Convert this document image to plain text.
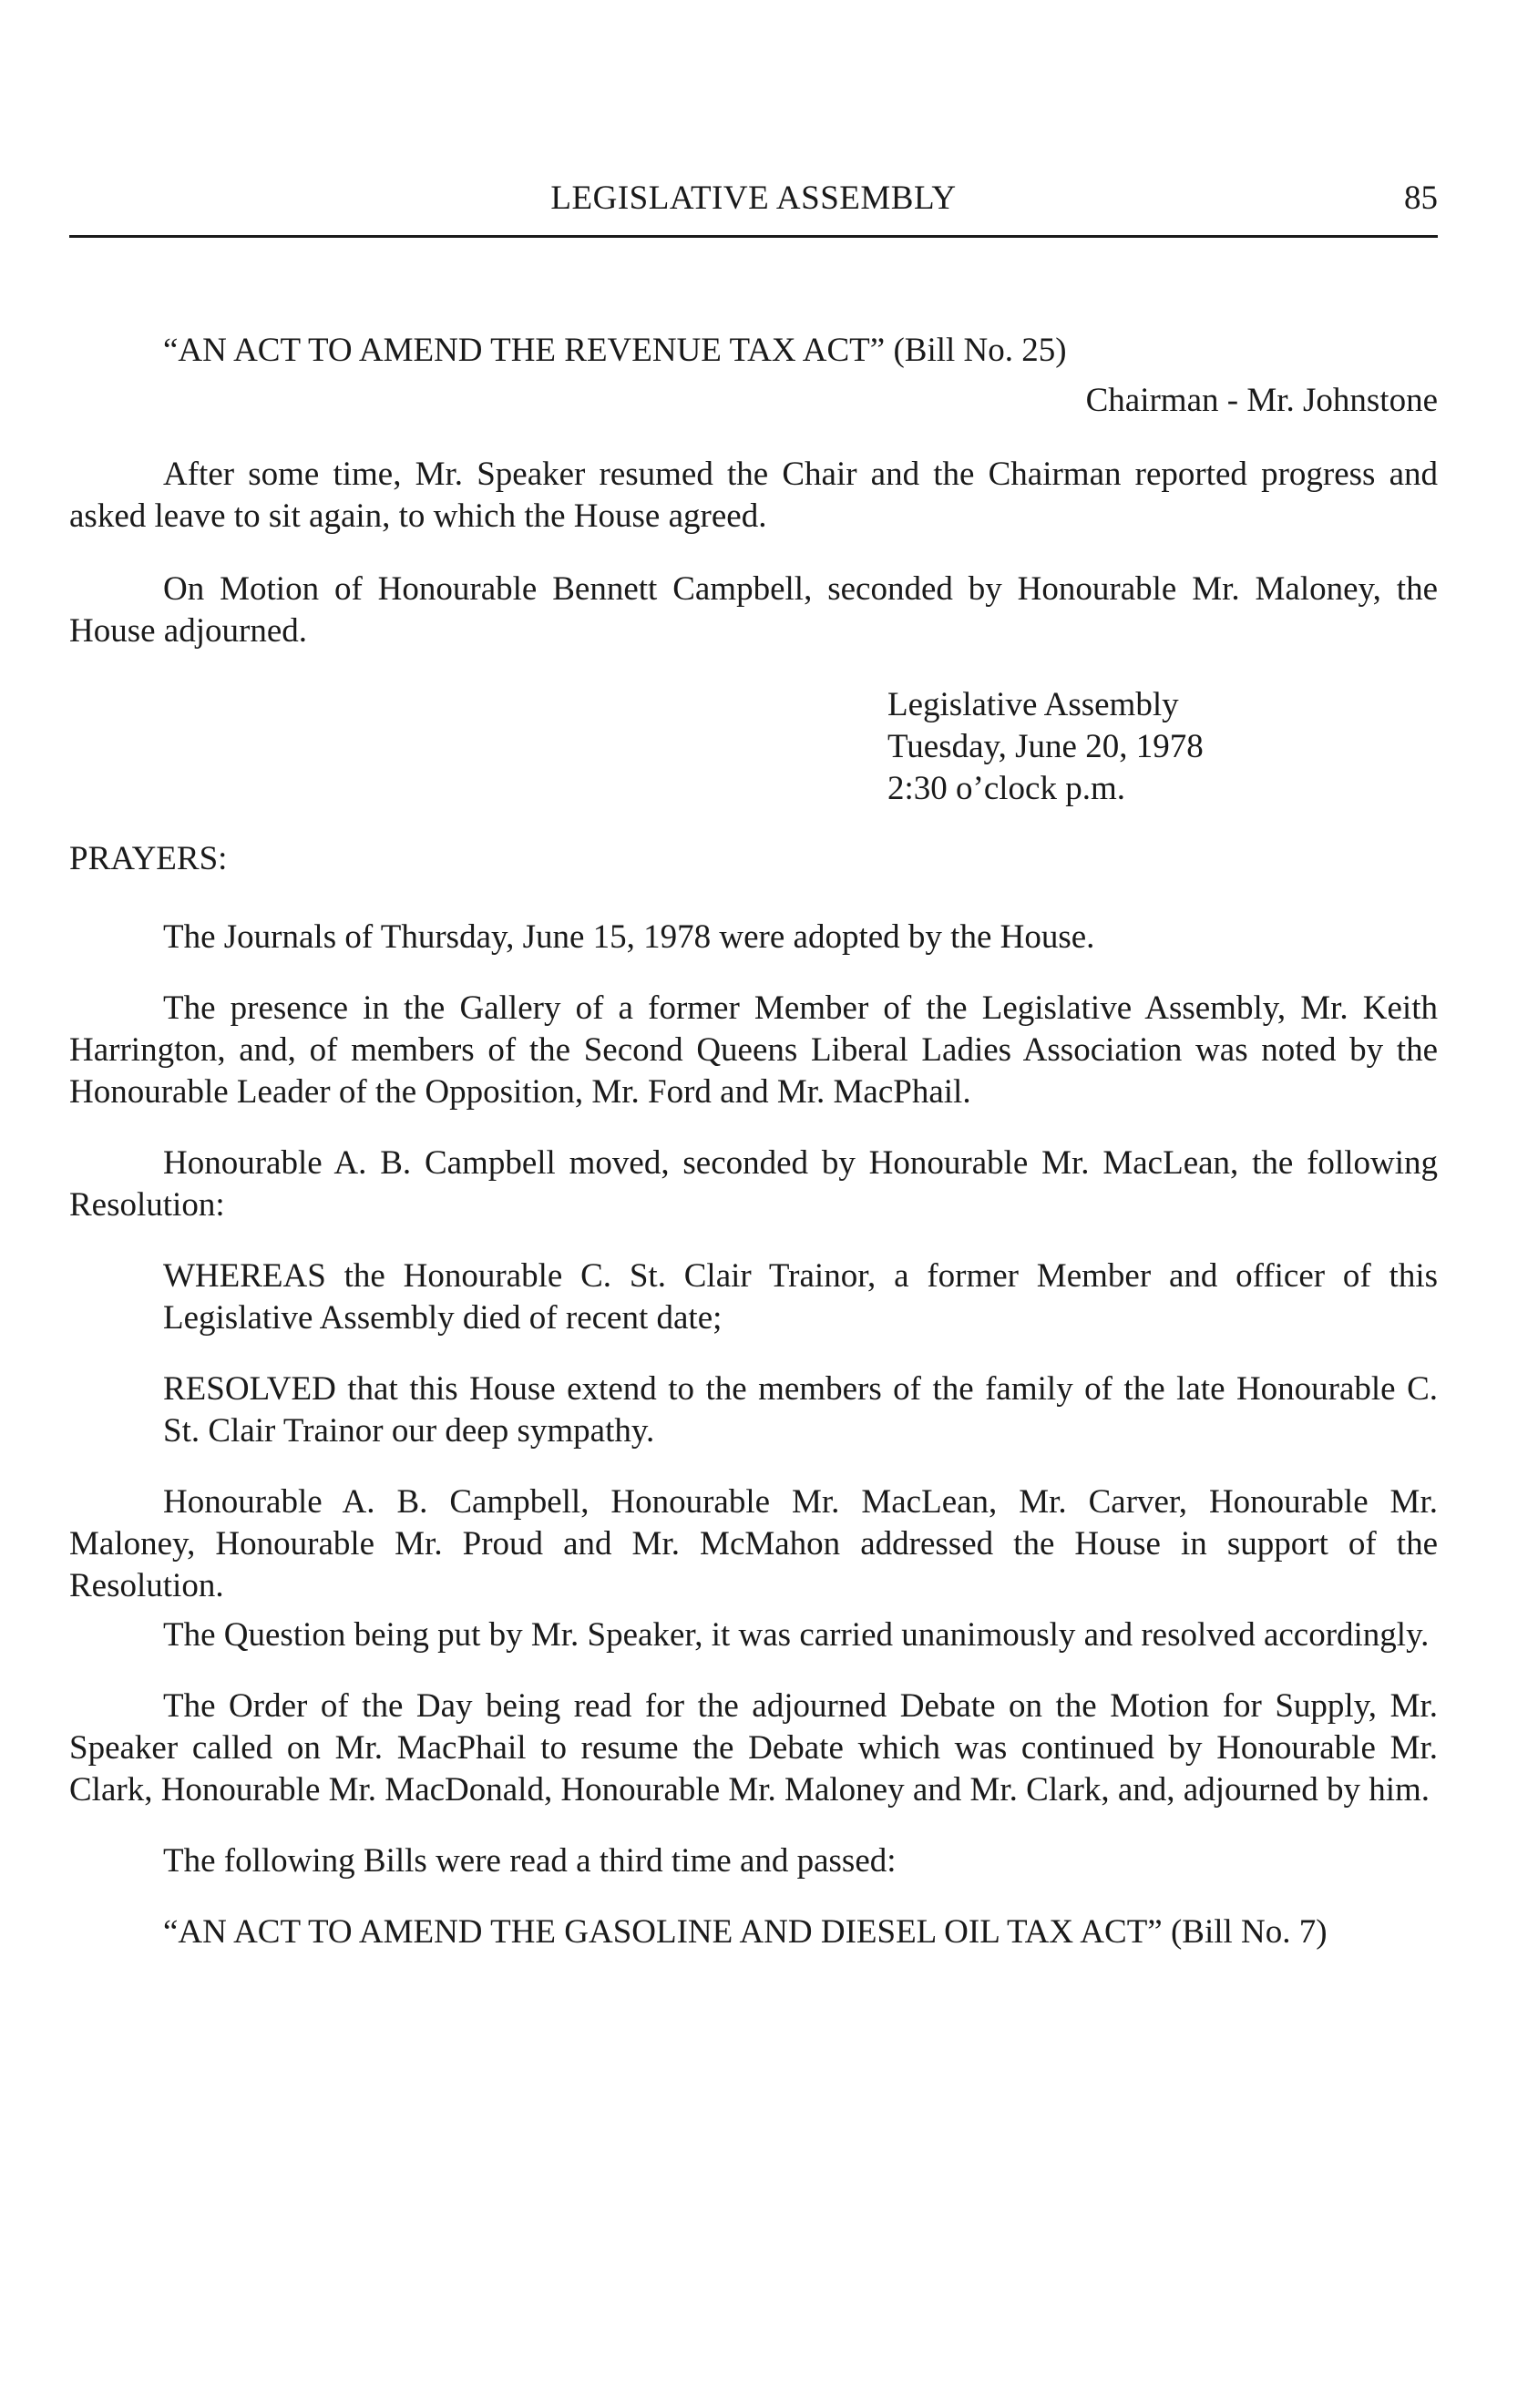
LEGISLATIVE ASSEMBLY	85

“AN ACT TO AMEND THE REVENUE TAX ACT” (Bill No. 25)

Chairman - Mr. Johnstone

After some time, Mr. Speaker resumed the Chair and the Chairman reported progress and asked leave to sit again, to which the House agreed.

On Motion of Honourable Bennett Campbell, seconded by Honourable Mr. Maloney, the House adjourned.

Legislative Assembly
Tuesday, June 20, 1978
2:30 o’clock p.m.

PRAYERS:

The Journals of Thursday, June 15, 1978 were adopted by the House.

The presence in the Gallery of a former Member of the Legislative Assembly, Mr. Keith Harrington, and, of members of the Second Queens Liberal Ladies Association was noted by the Honourable Leader of the Opposition, Mr. Ford and Mr. MacPhail.

Honourable A. B. Campbell moved, seconded by Honourable Mr. MacLean, the following Resolution:

WHEREAS the Honourable C. St. Clair Trainor, a former Member and officer of this Legislative Assembly died of recent date;

RESOLVED that this House extend to the members of the family of the late Honourable C. St. Clair Trainor our deep sympathy.

Honourable A. B. Campbell, Honourable Mr. MacLean, Mr. Carver, Honourable Mr. Maloney, Honourable Mr. Proud and Mr. McMahon addressed the House in support of the Resolution.

The Question being put by Mr. Speaker, it was carried unanimously and resolved accordingly.

The Order of the Day being read for the adjourned Debate on the Motion for Supply, Mr. Speaker called on Mr. MacPhail to resume the Debate which was continued by Honourable Mr. Clark, Honourable Mr. MacDonald, Honourable Mr. Maloney and Mr. Clark, and, adjourned by him.

The following Bills were read a third time and passed:

“AN ACT TO AMEND THE GASOLINE AND DIESEL OIL TAX ACT” (Bill No. 7)
